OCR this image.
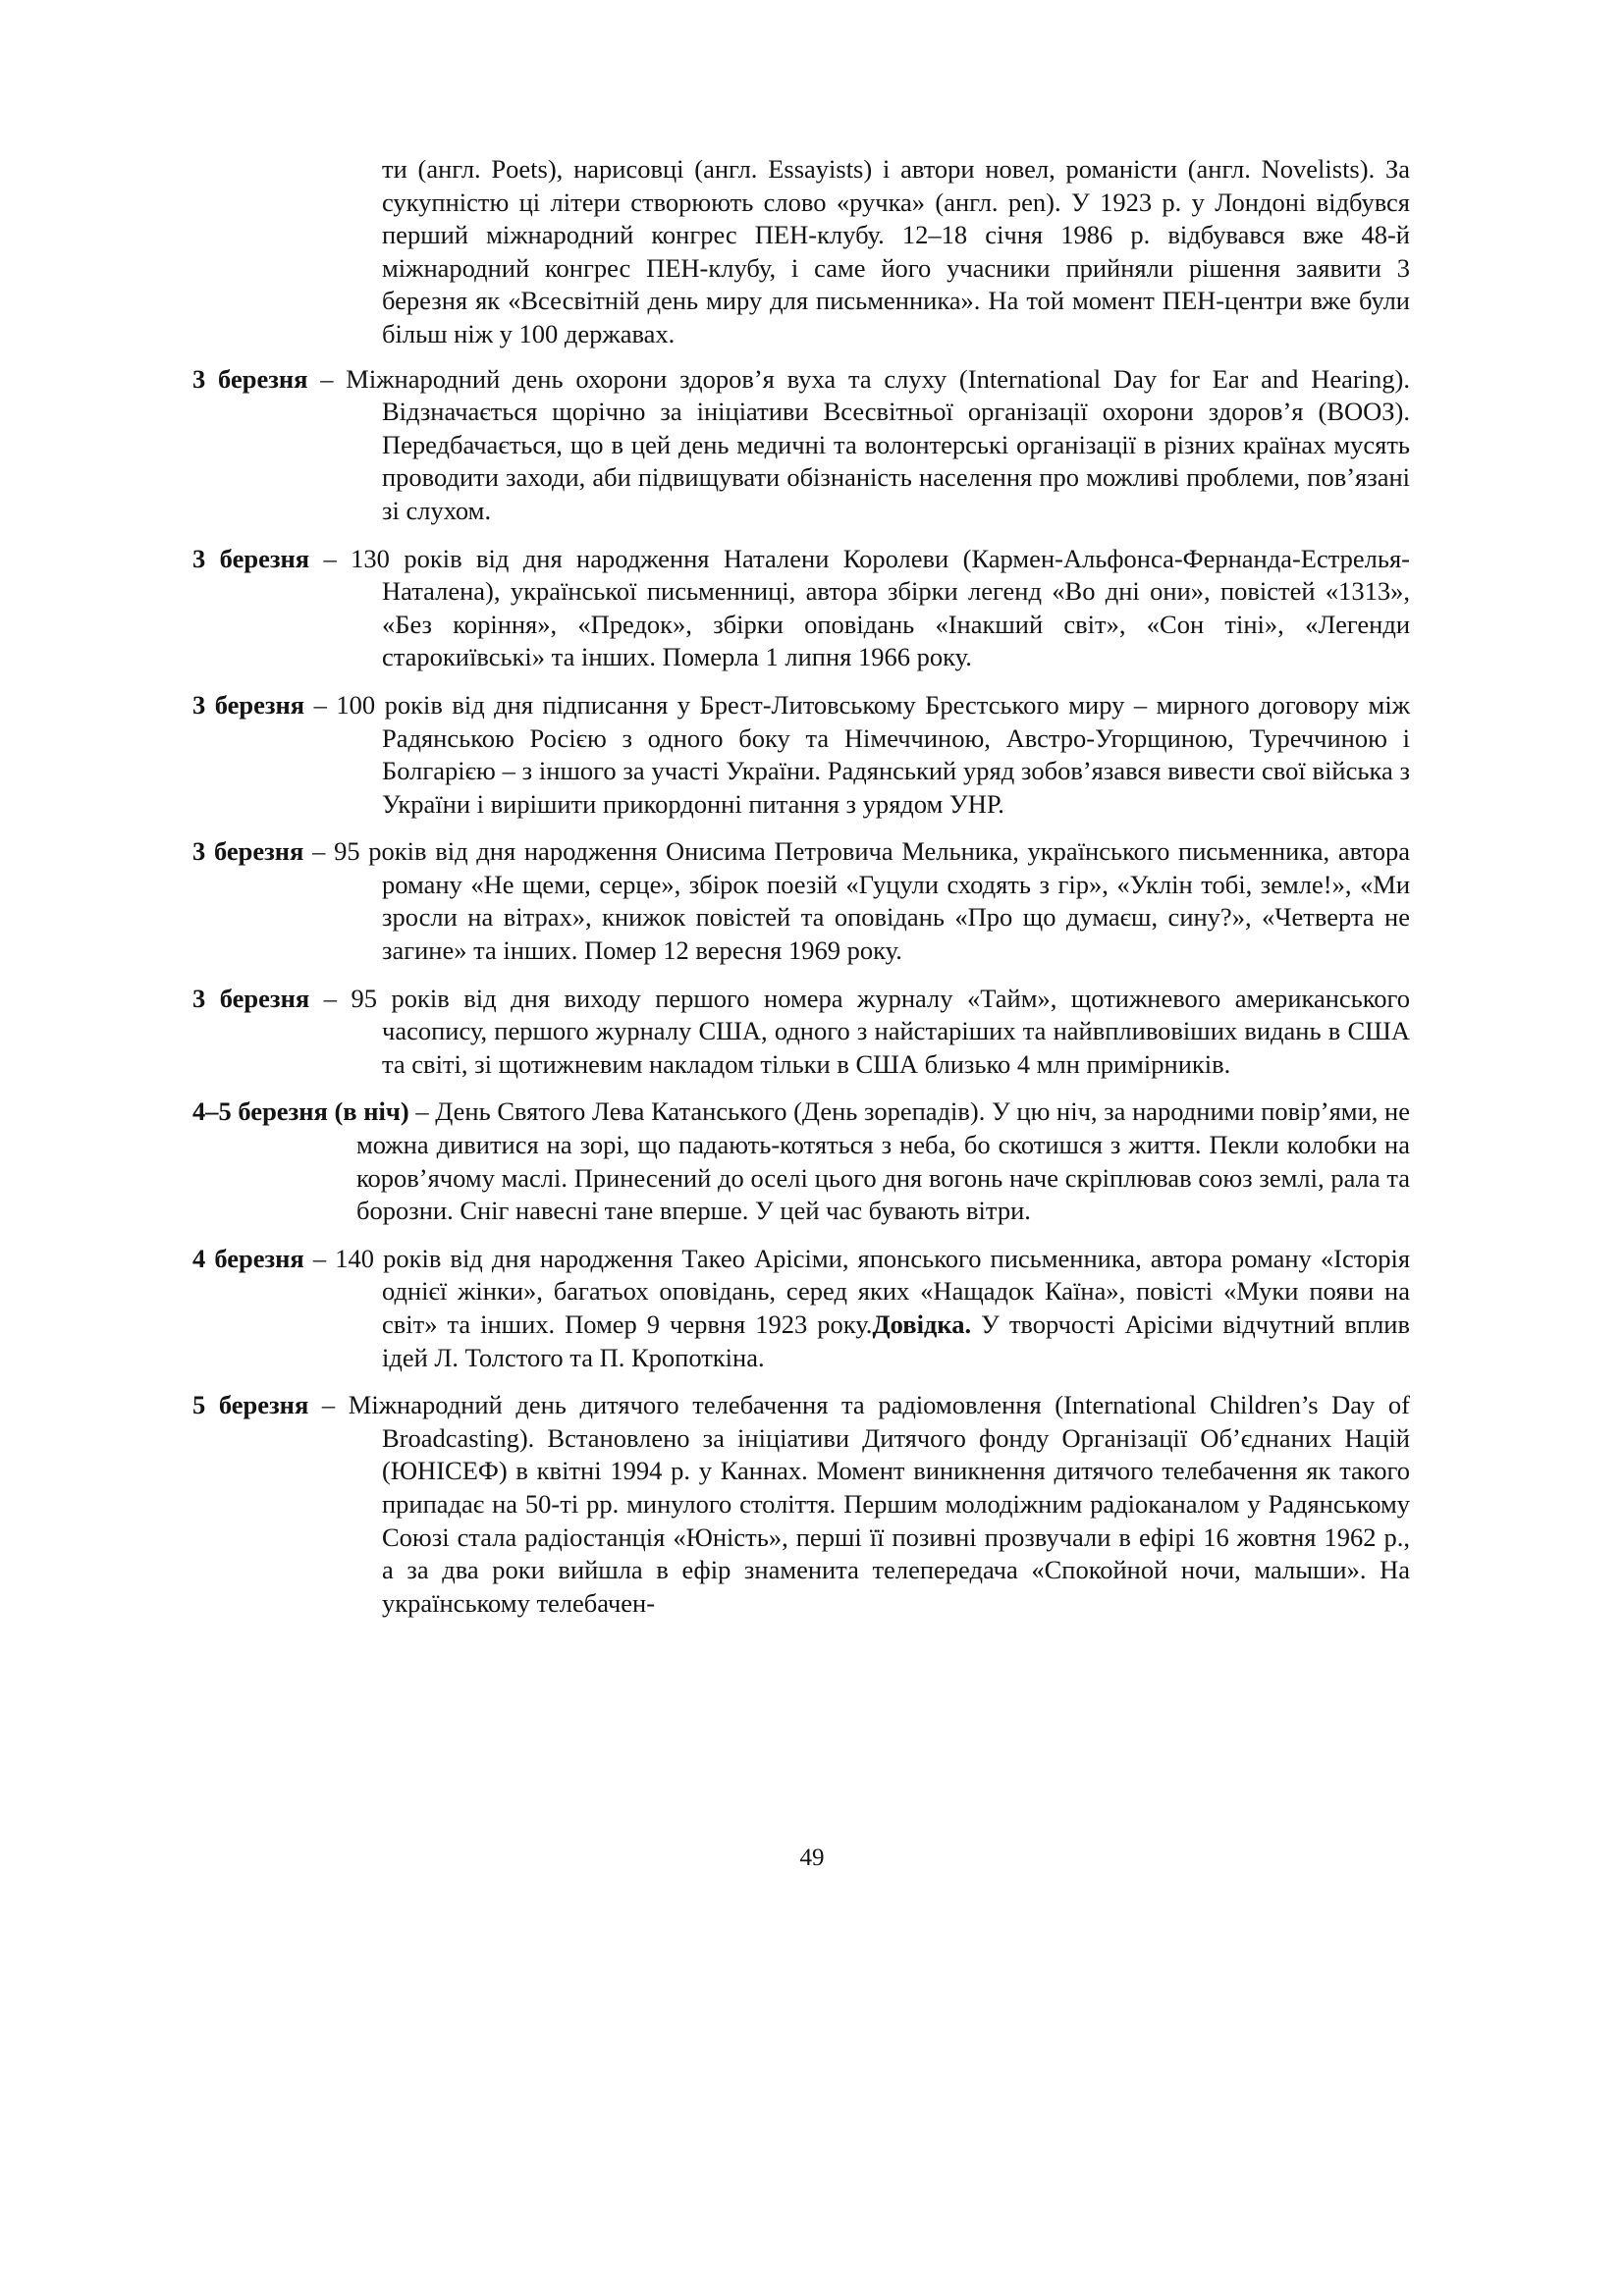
ти (англ. Poets), нарисовці (англ. Essayists) і автори новел, романісти (англ. Novelists). За сукупністю ці літери створюють слово «ручка» (англ. pen). У 1923 р. у Лондоні відбувся перший міжнародний конгрес ПЕН-клубу. 12–18 січня 1986 р. відбувався вже 48-й міжнародний конгрес ПЕН-клубу, і саме його учасники прийняли рішення заявити 3 березня як «Всесвітній день миру для письменника». На той момент ПЕН-центри вже були більш ніж у 100 державах.

3 березня – Міжнародний день охорони здоров’я вуха та слуху (International Day for Ear and Hearing). Відзначається щорічно за ініціативи Всесвітньої організації охорони здоров’я (ВООЗ). Передбачається, що в цей день медичні та волонтерські організації в різних країнах мусять проводити заходи, аби підвищувати обізнаність населення про можливі проблеми, пов’язані зі слухом.

3 березня – 130 років від дня народження Наталени Королеви (Кармен-Альфонса-Фернанда-Естрелья-Наталена), української письменниці, автора збірки легенд «Во дні они», повістей «1313», «Без коріння», «Предок», збірки оповідань «Інакший світ», «Сон тіні», «Легенди старокиївські» та інших. Померла 1 липня 1966 року.

3 березня – 100 років від дня підписання у Брест-Литовському Брестського миру – мирного договору між Радянською Росією з одного боку та Німеччиною, Австро-Угорщиною, Туреччиною і Болгарією – з іншого за участі України. Радянський уряд зобов’язався вивести свої війська з України і вирішити прикордонні питання з урядом УНР.

3 березня – 95 років від дня народження Онисима Петровича Мельника, українського письменника, автора роману «Не щеми, серце», збірок поезій «Гуцули сходять з гір», «Уклін тобі, земле!», «Ми зросли на вітрах», книжок повістей та оповідань «Про що думаєш, сину?», «Четверта не загине» та інших. Помер 12 вересня 1969 року.

3 березня – 95 років від дня виходу першого номера журналу «Тайм», щотижневого американського часопису, першого журналу США, одного з найстаріших та найвпливовіших видань в США та світі, зі щотижневим накладом тільки в США близько 4 млн примірників.

4–5 березня (в ніч) – День Святого Лева Катанського (День зорепадів). У цю ніч, за народними повір’ями, не можна дивитися на зорі, що падають-котяться з неба, бо скотишся з життя. Пекли колобки на коров’ячому маслі. Принесений до оселі цього дня вогонь наче скріплював союз землі, рала та борозни. Сніг навесні тане вперше. У цей час бувають вітри.

4 березня – 140 років від дня народження Такео Арісіми, японського письменника, автора роману «Історія однієї жінки», багатьох оповідань, серед яких «Нащадок Каїна», повісті «Муки появи на світ» та інших. Помер 9 червня 1923 року.Довідка. У творчості Арісіми відчутний вплив ідей Л. Толстого та П. Кропоткіна.

5 березня – Міжнародний день дитячого телебачення та радіомовлення (International Children’s Day of Broadcasting). Встановлено за ініціативи Дитячого фонду Організації Об’єднаних Націй (ЮНІСЕФ) в квітні 1994 р. у Каннах. Момент виникнення дитячого телебачення як такого припадає на 50-ті рр. минулого століття. Першим молодіжним радіоканалом у Радянському Союзі стала радіостанція «Юність», перші її позивні прозвучали в ефірі 16 жовтня 1962 р., а за два роки вийшла в ефір знаменита телепередача «Спокойной ночи, малыши». На українському телебачен-

49
